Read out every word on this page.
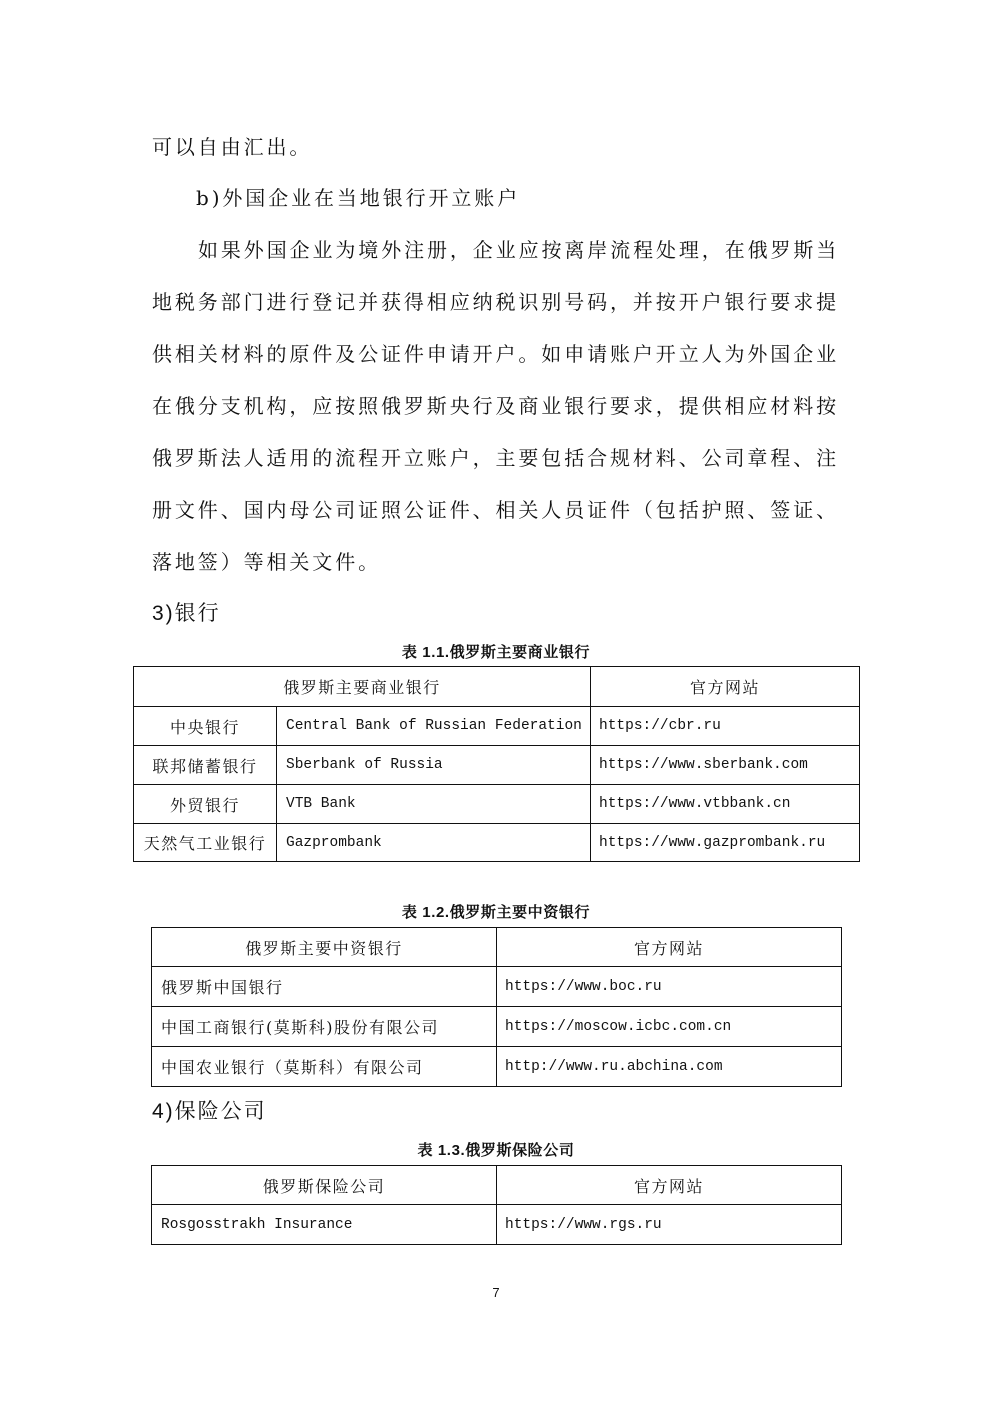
可以自由汇出。
b)外国企业在当地银行开立账户
如果外国企业为境外注册，企业应按离岸流程处理，在俄罗斯当
地税务部门进行登记并获得相应纳税识别号码，并按开户银行要求提
供相关材料的原件及公证件申请开户。如申请账户开立人为外国企业
在俄分支机构，应按照俄罗斯央行及商业银行要求，提供相应材料按
俄罗斯法人适用的流程开立账户，主要包括合规材料、公司章程、注
册文件、国内母公司证照公证件、相关人员证件（包括护照、签证、
落地签）等相关文件。
3)银行
表 1.1.俄罗斯主要商业银行
俄罗斯主要商业银行		官方网站
中央银行	Central Bank of Russian Federation	https://cbr.ru
联邦储蓄银行	Sberbank of Russia	https://www.sberbank.com
外贸银行	VTB Bank	https://www.vtbbank.cn
天然气工业银行	Gazprombank	https://www.gazprombank.ru
表 1.2.俄罗斯主要中资银行
俄罗斯主要中资银行	官方网站
俄罗斯中国银行	https://www.boc.ru
中国工商银行(莫斯科)股份有限公司	https://moscow.icbc.com.cn
中国农业银行（莫斯科）有限公司	http://www.ru.abchina.com
4)保险公司
表 1.3.俄罗斯保险公司
俄罗斯保险公司	官方网站
Rosgosstrakh Insurance	https://www.rgs.ru
7
